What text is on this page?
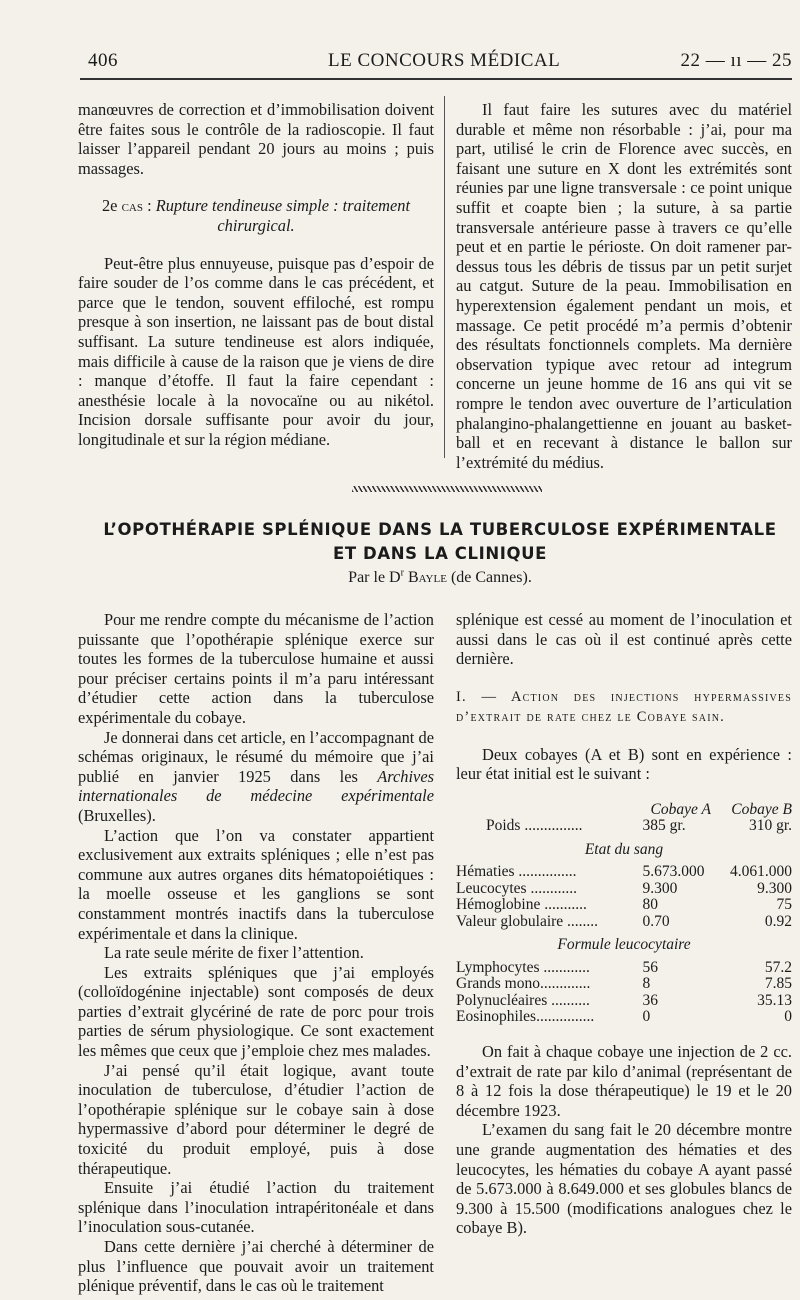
406	LE CONCOURS MÉDICAL	22 — ıı — 25

manœuvres de correction et d’immobilisation doivent être faites sous le contrôle de la radioscopie. Il faut laisser l’appareil pendant 20 jours au moins ; puis massages.

2e cas : Rupture tendineuse simple : traitement chirurgical.

Peut-être plus ennuyeuse, puisque pas d’espoir de faire souder de l’os comme dans le cas précédent, et parce que le tendon, souvent effiloché, est rompu presque à son insertion, ne laissant pas de bout distal suffisant. La suture tendineuse est alors indiquée, mais difficile à cause de la raison que je viens de dire : manque d’étoffe. Il faut la faire cependant : anesthésie locale à la novocaïne ou au nikétol. Incision dorsale suffisante pour avoir du jour, longitudinale et sur la région médiane.

Il faut faire les sutures avec du matériel durable et même non résorbable : j’ai, pour ma part, utilisé le crin de Florence avec succès, en faisant une suture en X dont les extrémités sont réunies par une ligne transversale : ce point unique suffit et coapte bien ; la suture, à sa partie transversale antérieure passe à travers ce qu’elle peut et en partie le périoste. On doit ramener par-dessus tous les débris de tissus par un petit surjet au catgut. Suture de la peau. Immobilisation en hyperextension également pendant un mois, et massage. Ce petit procédé m’a permis d’obtenir des résultats fonctionnels complets. Ma dernière observation typique avec retour ad integrum concerne un jeune homme de 16 ans qui vit se rompre le tendon avec ouverture de l’articulation phalangino-phalangettienne en jouant au basket-ball et en recevant à distance le ballon sur l’extrémité du médius.

L’OPOTHÉRAPIE SPLÉNIQUE DANS LA TUBERCULOSE EXPÉRIMENTALE
ET DANS LA CLINIQUE
Par le $D^r$ Bayle (de Cannes).

Pour me rendre compte du mécanisme de l’action puissante que l’opothérapie splénique exerce sur toutes les formes de la tuberculose humaine et aussi pour préciser certains points il m’a paru intéressant d’étudier cette action dans la tuberculose expérimentale du cobaye.

Je donnerai dans cet article, en l’accompagnant de schémas originaux, le résumé du mémoire que j’ai publié en janvier 1925 dans les Archives internationales de médecine expérimentale (Bruxelles).

L’action que l’on va constater appartient exclusivement aux extraits spléniques ; elle n’est pas commune aux autres organes dits hématopoiétiques : la moelle osseuse et les ganglions se sont constamment montrés inactifs dans la tuberculose expérimentale et dans la clinique.

La rate seule mérite de fixer l’attention.

Les extraits spléniques que j’ai employés (colloïdogénine injectable) sont composés de deux parties d’extrait glycériné de rate de porc pour trois parties de sérum physiologique. Ce sont exactement les mêmes que ceux que j’emploie chez mes malades.

J’ai pensé qu’il était logique, avant toute inoculation de tuberculose, d’étudier l’action de l’opothérapie splénique sur le cobaye sain à dose hypermassive d’abord pour déterminer le degré de toxicité du produit employé, puis à dose thérapeutique.

Ensuite j’ai étudié l’action du traitement splénique dans l’inoculation intrapéritonéale et dans l’inoculation sous-cutanée.

Dans cette dernière j’ai cherché à déterminer de plus l’influence que pouvait avoir un traitement plénique préventif, dans le cas où le traitement

splénique est cessé au moment de l’inoculation et aussi dans le cas où il est continué après cette dernière.

I. — Action des injections hypermassives d’extrait de rate chez le Cobaye sain.

Deux cobayes (A et B) sont en expérience : leur état initial est le suivant :

	Cobaye A	Cobaye B
Poids ...............	385 gr.	310 gr.
Etat du sang		
Hématies ...............	5.673.000	4.061.000
Leucocytes ............	9.300	9.300
Hémoglobine ...........	80	75
Valeur globulaire ........	0.70	0.92
Formule leucocytaire		
Lymphocytes ............	56	57.2
Grands mono.............	8	7.85
Polynucléaires ..........	36	35.13
Eosinophiles...............	0	0

On fait à chaque cobaye une injection de 2 cc. d’extrait de rate par kilo d’animal (représentant de 8 à 12 fois la dose thérapeutique) le 19 et le 20 décembre 1923.

L’examen du sang fait le 20 décembre montre une grande augmentation des hématies et des leucocytes, les hématies du cobaye A ayant passé de 5.673.000 à 8.649.000 et ses globules blancs de 9.300 à 15.500 (modifications analogues chez le cobaye B).
